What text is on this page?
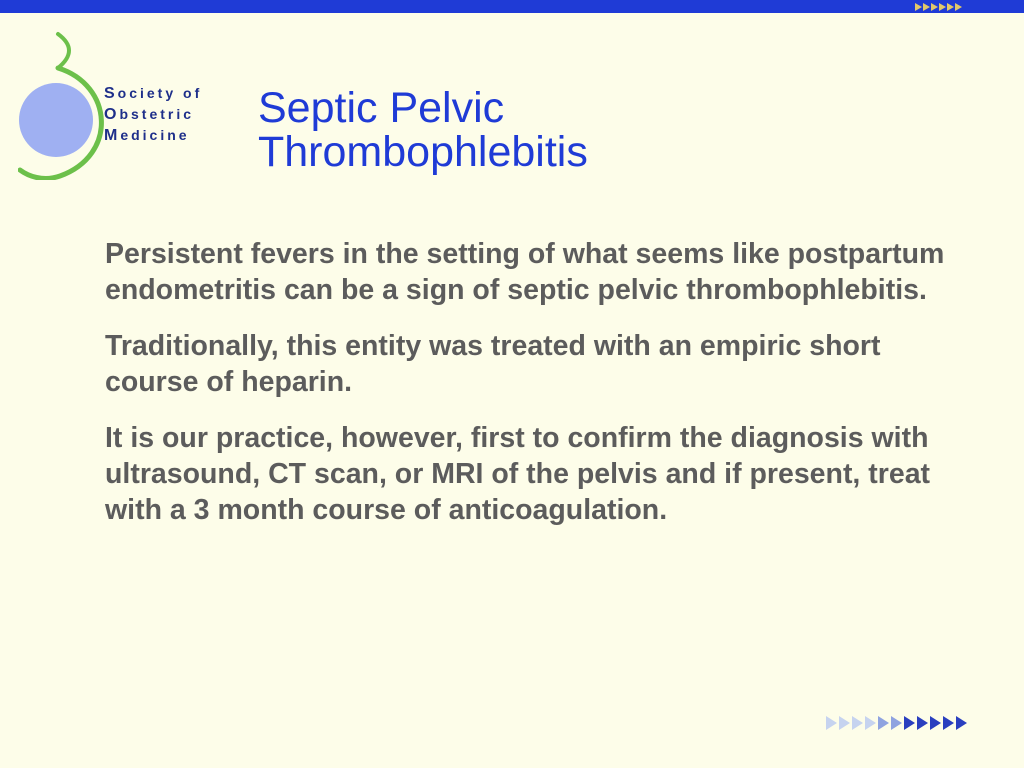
Society of
Obstetric
Medicine
Septic Pelvic
Thrombophlebitis

Persistent fevers in the setting of what seems like postpartum endometritis can be a sign of septic pelvic thrombophlebitis.

Traditionally, this entity was treated with an empiric short course of heparin.

It is our practice, however, first to confirm the diagnosis with ultrasound, CT scan, or MRI of the pelvis and if present, treat with a 3 month course of anticoagulation.
